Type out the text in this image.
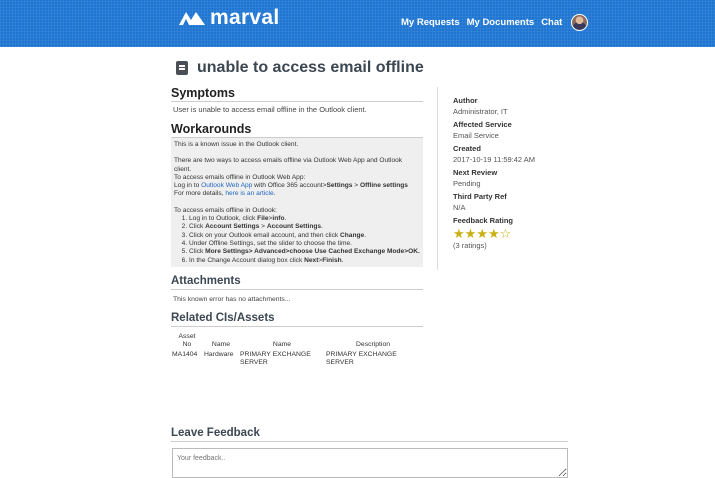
marval	My Requests My Documents Chat
unable to access email offline
Symptoms
User is unable to access email offline in the Outlook client.
Workarounds

This is a known issue in the Outlook client.

There are two ways to access emails offline via Outlook Web App and Outlook client.

To access emails offline in Outlook Web App:

Log in to Outlook Web App with Office 365 account>Settings > Offline settings

For more details, here is an article.

To access emails offline in Outlook:

1. Log in to Outlook, click File>info.
2. Click Account Settings > Account Settings.
3. Click on your Outlook email account, and then click Change.
4. Under Offline Settings, set the slider to choose the time.
5. Click More Settings> Advanced>choose Use Cached Exchange Mode>OK.
6. In the Change Account dialog box click Next>Finish.
Attachments
This known error has no attachments...
Related CIs/Assets
Asset No	Name	Name	Description
MA1404	Hardware	PRIMARY EXCHANGE SERVER	PRIMARY EXCHANGE SERVER
Author
Administrator, IT
Affected Service
Email Service
Created
2017-10-19 11:59:42 AM
Next Review
Pending
Third Party Ref
N/A
Feedback Rating
★ ★ ★ ★ ☆
(3 ratings)
Leave Feedback
Your feedback..
